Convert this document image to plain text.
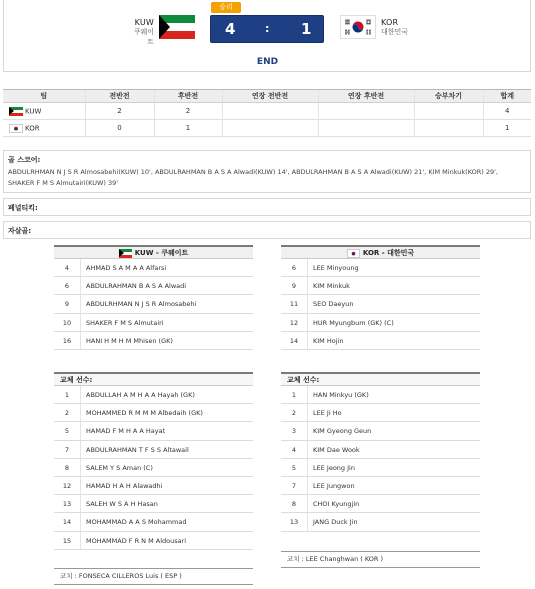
KUW
쿠웨이트
승리
4	: 1	KOR
대한민국
END
팀	전반전	후반전	연장 전반전	연장 후반전	승부차기	합계

KUW	2	2				4

KOR	0	1				1
골 스코어:
ABDULRHMAN N J S R Almosabehi(KUW) 10', ABDULRAHMAN B A S A Alwadi(KUW) 14', ABDULRAHMAN B A S A Alwadi(KUW) 21', KIM Minkuk(KOR) 29', SHAKER F M S Almutairi(KUW) 39'
페널티킥:
자살골:
KUW - 쿠웨이트
4	AHMAD S A M A A Alfarsi
6	ABDULRAHMAN B A S A Alwadi
9	ABDULRHMAN N J S R Almosabehi
10	SHAKER F M S Almutairi
16	HANI H M H M Mhisen (GK)
교체 선수:
1	ABDULLAH A M H A A Hayah (GK)
2	MOHAMMED R M M M Albedaih (GK)
5	HAMAD F M H A A Hayat
7	ABDULRAHMAN T F S S Altawail
8	SALEM Y S Aman (C)
12	HAMAD H A H Alawadhi
13	SALEH W S A H Hasan
14	MOHAMMAD A A S Mohammad
15	MOHAMMAD F R N M Aldousari
코치 : FONSECA CILLEROS Luis ( ESP )
KOR - 대한민국
6	LEE Minyoung
9	KIM Minkuk
11	SEO Daeyun
12	HUR Myungbum (GK) (C)
14	KIM Hojin
교체 선수:
1	HAN Minkyu (GK)
2	LEE Ji Ho
3	KIM Gyeong Geun
4	KIM Dae Wook
5	LEE Jeong Jin
7	LEE Jungwon
8	CHOI Kyungjin
13	JANG Duck Jin
코치 : LEE Changhwan ( KOR )
